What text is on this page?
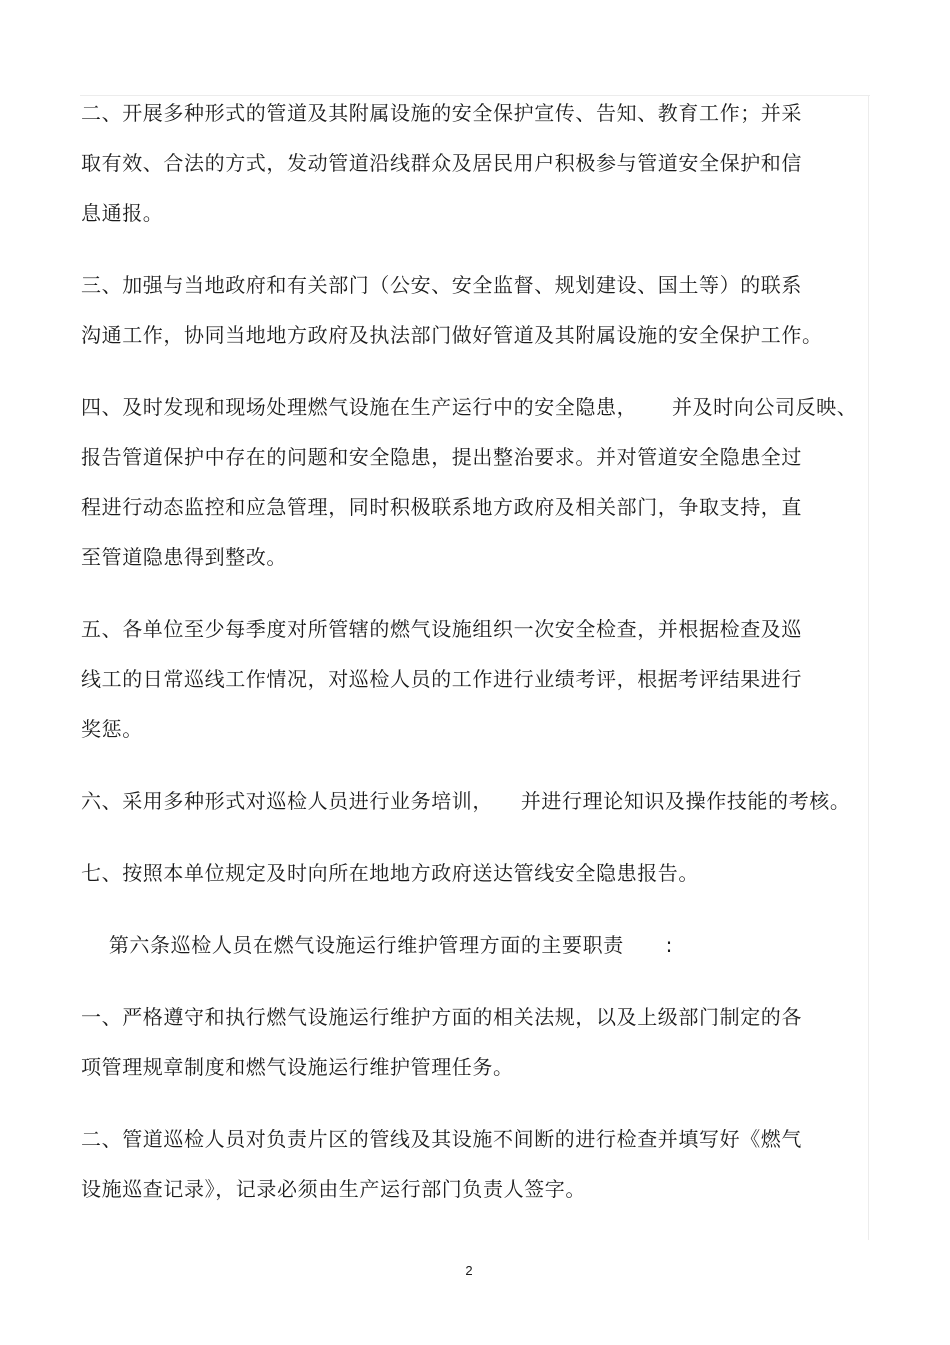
二、开展多种形式的管道及其附属设施的安全保护宣传、告知、教育工作；并采
取有效、合法的方式，发动管道沿线群众及居民用户积极参与管道安全保护和信
息通报。
三、加强与当地政府和有关部门（公安、安全监督、规划建设、国土等）的联系
沟通工作，协同当地地方政府及执法部门做好管道及其附属设施的安全保护工作。
四、及时发现和现场处理燃气设施在生产运行中的安全隐患，     并及时向公司反映、
报告管道保护中存在的问题和安全隐患，提出整治要求。并对管道安全隐患全过
程进行动态监控和应急管理，同时积极联系地方政府及相关部门，争取支持，直
至管道隐患得到整改。
五、各单位至少每季度对所管辖的燃气设施组织一次安全检查，并根据检查及巡
线工的日常巡线工作情况，对巡检人员的工作进行业绩考评，根据考评结果进行
奖惩。
六、采用多种形式对巡检人员进行业务培训，    并进行理论知识及操作技能的考核。
七、按照本单位规定及时向所在地地方政府送达管线安全隐患报告。
第六条巡检人员在燃气设施运行维护管理方面的主要职责      :
一、严格遵守和执行燃气设施运行维护方面的相关法规，以及上级部门制定的各
项管理规章制度和燃气设施运行维护管理任务。
二、管道巡检人员对负责片区的管线及其设施不间断的进行检查并填写好《燃气
设施巡查记录》，记录必须由生产运行部门负责人签字。
2
